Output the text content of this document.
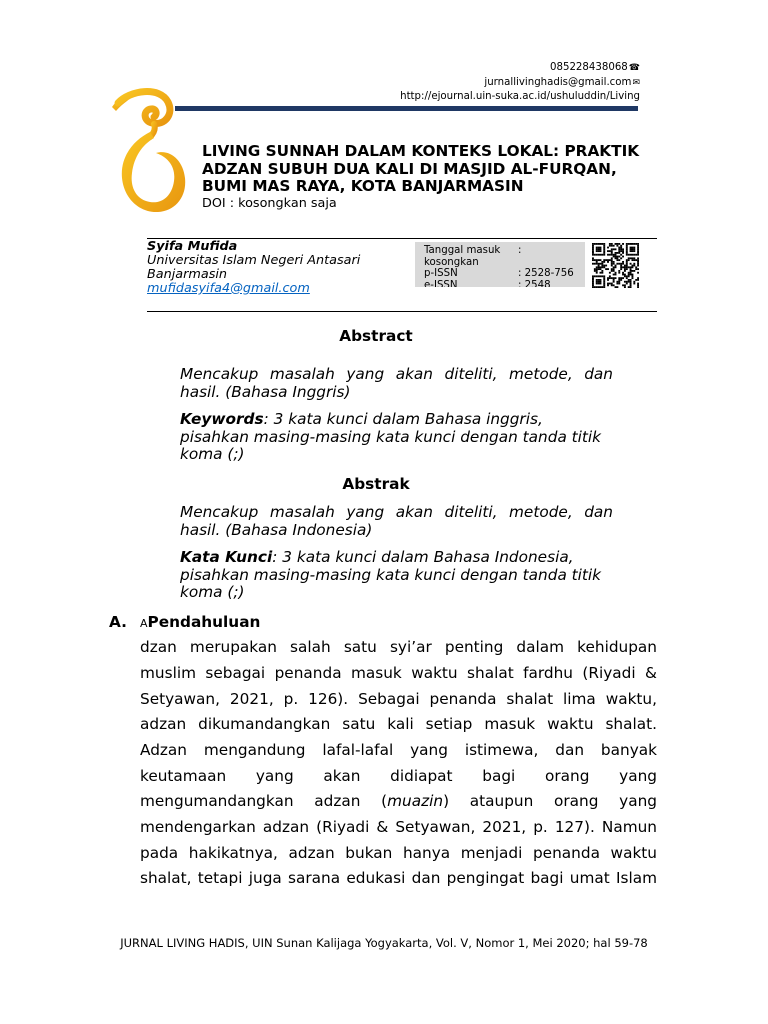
085228438068☎
jurnallivinghadis@gmail.com✉
http://ejournal.uin-suka.ac.id/ushuluddin/Living
LIVING SUNNAH DALAM KONTEKS LOKAL: PRAKTIK
ADZAN SUBUH DUA KALI DI MASJID AL-FURQAN,
BUMI MAS RAYA, KOTA BANJARMASIN
DOI : kosongkan saja
Syifa Mufida
Universitas Islam Negeri Antasari
Banjarmasin
mufidasyifa4@gmail.com
Tanggal masuk :
kosongkan
p-ISSN	: 2528-756
e-ISSN	: 2548
Abstract
Mencakup masalah yang akan diteliti, metode, dan
hasil. (Bahasa Inggris)
Keywords: 3 kata kunci dalam Bahasa inggris,
pisahkan masing-masing kata kunci dengan tanda titik
koma (;)
Abstrak
Mencakup masalah yang akan diteliti, metode, dan
hasil. (Bahasa Indonesia)
Kata Kunci: 3 kata kunci dalam Bahasa Indonesia,
pisahkan masing-masing kata kunci dengan tanda titik
koma (;)
A. APendahuluan
dzan merupakan salah satu syi’ar penting dalam kehidupan
muslim sebagai penanda masuk waktu shalat fardhu (Riyadi &
Setyawan, 2021, p. 126). Sebagai penanda shalat lima waktu,
adzan dikumandangkan satu kali setiap masuk waktu shalat.
Adzan mengandung lafal-lafal yang istimewa, dan banyak
keutamaan yang akan didiapat bagi orang yang
mengumandangkan adzan (muazin) ataupun orang yang
mendengarkan adzan (Riyadi & Setyawan, 2021, p. 127). Namun
pada hakikatnya, adzan bukan hanya menjadi penanda waktu
shalat, tetapi juga sarana edukasi dan pengingat bagi umat Islam
JURNAL LIVING HADIS, UIN Sunan Kalijaga Yogyakarta, Vol. V, Nomor 1, Mei 2020; hal 59-78
